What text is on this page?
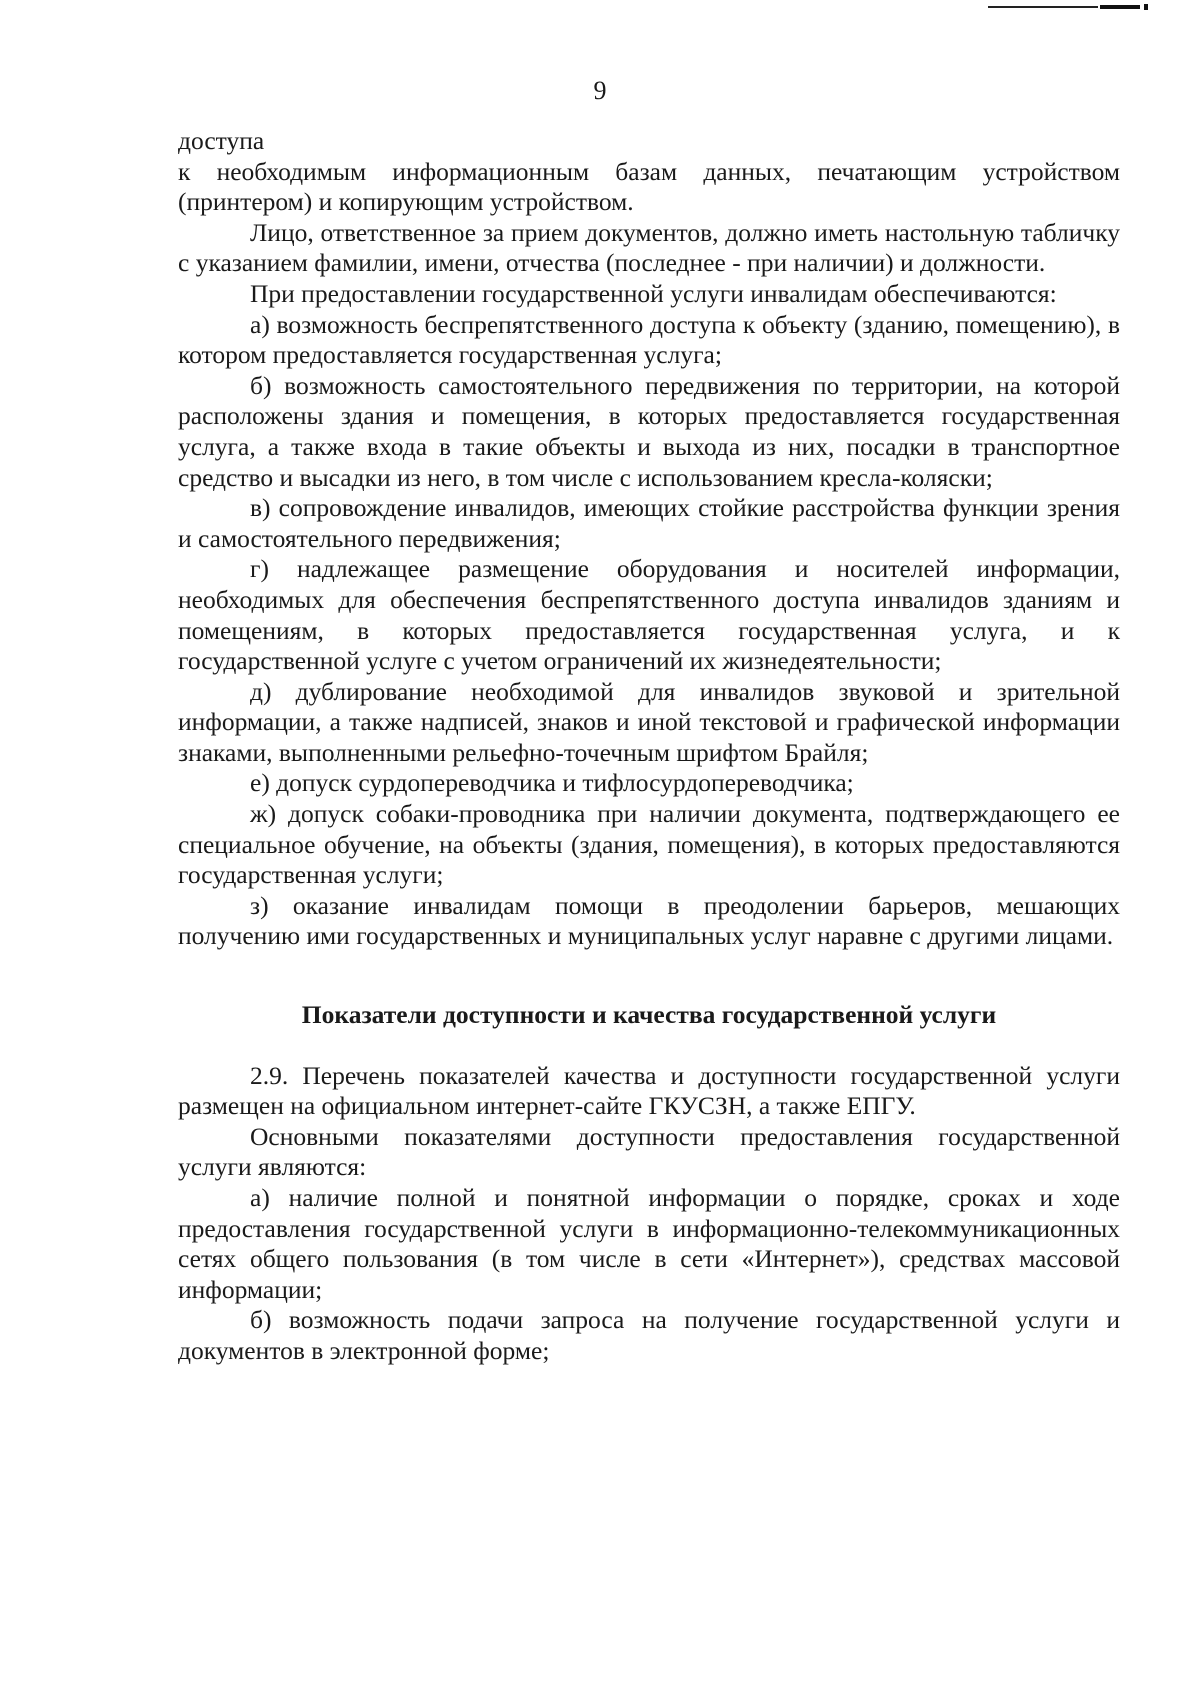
9

доступа

к необходимым информационным базам данных, печатающим устройством (принтером) и копирующим устройством.

Лицо, ответственное за прием документов, должно иметь настольную табличку с указанием фамилии, имени, отчества (последнее - при наличии) и должности.

При предоставлении государственной услуги инвалидам обеспечиваются:

а) возможность беспрепятственного доступа к объекту (зданию, помещению), в котором предоставляется государственная услуга;

б) возможность самостоятельного передвижения по территории, на которой расположены здания и помещения, в которых предоставляется государственная услуга, а также входа в такие объекты и выхода из них, посадки в транспортное средство и высадки из него, в том числе с использованием кресла-коляски;

в) сопровождение инвалидов, имеющих стойкие расстройства функции зрения и самостоятельного передвижения;

г) надлежащее размещение оборудования и носителей информации, необходимых для обеспечения беспрепятственного доступа инвалидов зданиям и помещениям, в которых предоставляется государственная услуга, и к государственной услуге с учетом ограничений их жизнедеятельности;

д) дублирование необходимой для инвалидов звуковой и зрительной информации, а также надписей, знаков и иной текстовой и графической информации знаками, выполненными рельефно-точечным шрифтом Брайля;

е) допуск сурдопереводчика и тифлосурдопереводчика;

ж) допуск собаки-проводника при наличии документа, подтверждающего ее специальное обучение, на объекты (здания, помещения), в которых предоставляются государственная услуги;

з) оказание инвалидам помощи в преодолении барьеров, мешающих получению ими государственных и муниципальных услуг наравне с другими лицами.

Показатели доступности и качества государственной услуги

2.9. Перечень показателей качества и доступности государственной услуги размещен на официальном интернет-сайте ГКУСЗН, а также ЕПГУ.

Основными показателями доступности предоставления государственной услуги являются:

а) наличие полной и понятной информации о порядке, сроках и ходе предоставления государственной услуги в информационно-телекоммуникационных сетях общего пользования (в том числе в сети «Интернет»), средствах массовой информации;

б) возможность подачи запроса на получение государственной услуги и документов в электронной форме;
